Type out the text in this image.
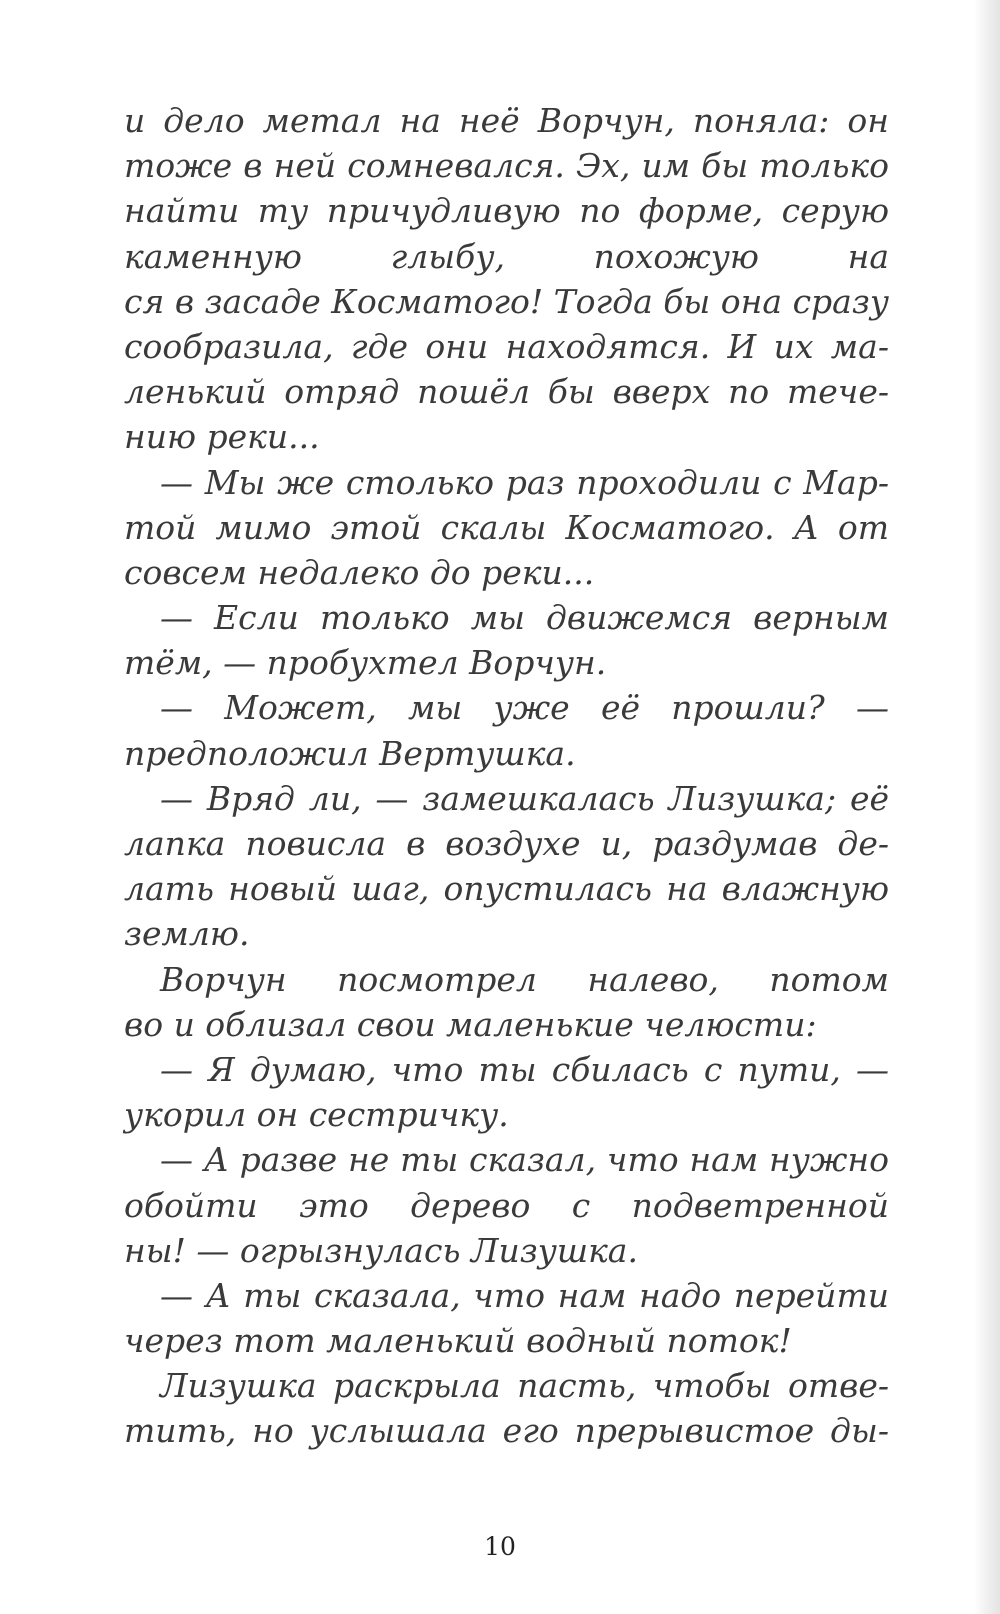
и дело метал на неё Ворчун, поняла: он
тоже в ней сомневался. Эх, им бы только
найти ту причудливую по форме, серую
каменную глыбу, похожую на
ся в засаде Косматого! Тогда бы она сразу
сообразила, где они находятся. И их ма-
ленький отряд пошёл бы вверх по тече-
нию реки...
— Мы же столько раз проходили с Мар-
той мимо этой скалы Косматого. А от
совсем недалеко до реки...
— Если только мы движемся верным
тём, — пробухтел Ворчун.
— Может, мы уже её прошли? —
предположил Вертушка.
— Вряд ли, — замешкалась Лизушка; её
лапка повисла в воздухе и, раздумав де-
лать новый шаг, опустилась на влажную
землю.
Ворчун посмотрел налево, потом
во и облизал свои маленькие челюсти:
— Я думаю, что ты сбилась с пути, —
укорил он сестричку.
— А разве не ты сказал, что нам нужно
обойти это дерево с подветренной
ны! — огрызнулась Лизушка.
— А ты сказала, что нам надо перейти
через тот маленький водный поток!
Лизушка раскрыла пасть, чтобы отве-
тить, но услышала его прерывистое ды-
10
